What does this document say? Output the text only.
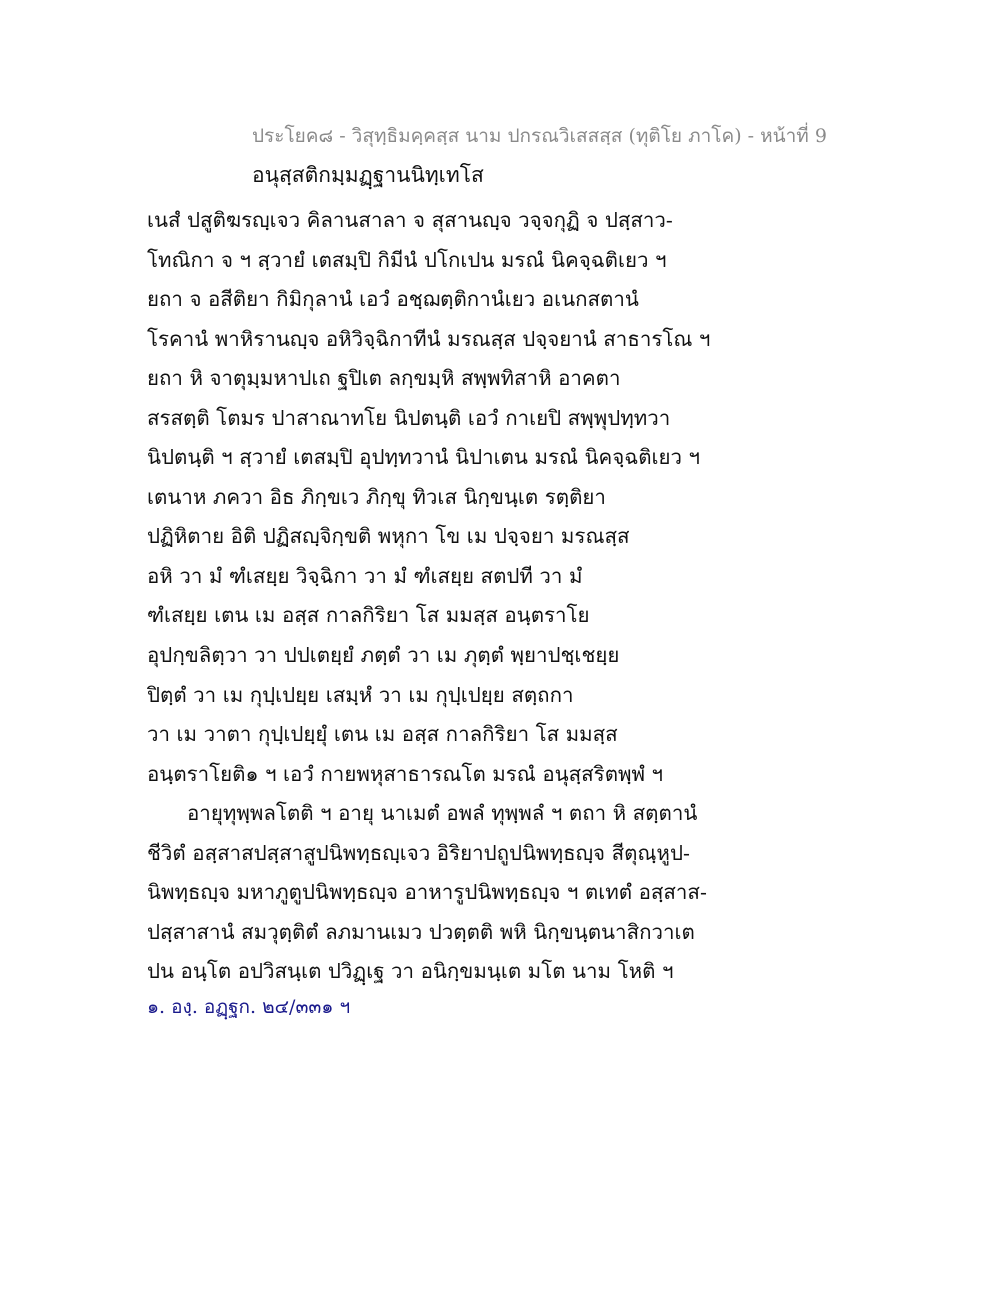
ประโยค๘ - วิสุทฺธิมคฺคสฺส นาม ปกรณวิเสสสฺส (ทุติโย ภาโค) - หน้าที่ 9
อนุสฺสติกมฺมฏฺฐานนิทฺเทโส
เนสํ ปสูติฆรญฺเจว คิลานสาลา จ สุสานญฺจ วจฺจกุฏิ จ ปสฺสาว-
โทณิกา จ ฯ สฺวายํ เตสมฺปิ กิมีนํ ปโกเปน มรณํ นิคจฺฉติเยว ฯ
ยถา จ อสีติยา กิมิกุลานํ เอวํ อชฺฌตฺติกานํเยว อเนกสตานํ
โรคานํ พาหิรานญฺจ อหิวิจฺฉิกาทีนํ มรณสฺส ปจฺจยานํ สาธารโณ ฯ
ยถา หิ จาตุมฺมหาปเถ ฐปิเต ลกฺขมฺหิ สพฺพทิสาหิ อาคตา
สรสตฺติ โตมร ปาสาณาทโย นิปตนฺติ เอวํ กาเยปิ สพฺพุปทฺทวา
นิปตนฺติ ฯ สฺวายํ เตสมฺปิ อุปทฺทวานํ นิปาเตน มรณํ นิคจฺฉติเยว ฯ
เตนาห ภควา อิธ ภิกฺขเว ภิกฺขุ ทิวเส นิกฺขนฺเต รตฺติยา
ปฏิหิตาย อิติ ปฏิสญฺจิกฺขติ พหุกา โข เม ปจฺจยา มรณสฺส
อหิ วา มํ ฑํเสยฺย วิจฺฉิกา วา มํ ฑํเสยฺย สตปที วา มํ
ฑํเสยฺย เตน เม อสฺส กาลกิริยา โส มมสฺส อนฺตราโย
อุปกฺขลิตฺวา วา ปปเตยฺยํ ภตฺตํ วา เม ภุตฺตํ พฺยาปชฺเชยฺย
ปิตฺตํ วา เม กุปฺเปยฺย เสมฺหํ วา เม กุปฺเปยฺย สตฺถกา
วา เม วาตา กุปฺเปยฺยุํ เตน เม อสฺส กาลกิริยา โส มมสฺส
อนฺตราโยติ๑ ฯ เอวํ กายพหุสาธารณโต มรณํ อนุสฺสริตพฺพํ ฯ
อายุทุพฺพลโตติ ฯ อายุ นาเมตํ อพลํ ทุพฺพลํ ฯ ตถา หิ สตฺตานํ
ชีวิตํ อสฺสาสปสฺสาสูปนิพทฺธญฺเจว อิริยาปถูปนิพทฺธญฺจ สีตุณฺหูป-
นิพทฺธญฺจ มหาภูตูปนิพทฺธญฺจ อาหารูปนิพทฺธญฺจ ฯ ตเทตํ อสฺสาส-
ปสฺสาสานํ สมวุตฺติตํ ลภมานเมว ปวตฺตติ พหิ นิกฺขนฺตนาสิกวาเต
ปน อนฺโต อปวิสนฺเต ปวิฏฺเฐ วา อนิกฺขมนฺเต มโต นาม โหติ ฯ
๑. องฺ. อฏฺฐก. ๒๔/๓๓๑ ฯ
